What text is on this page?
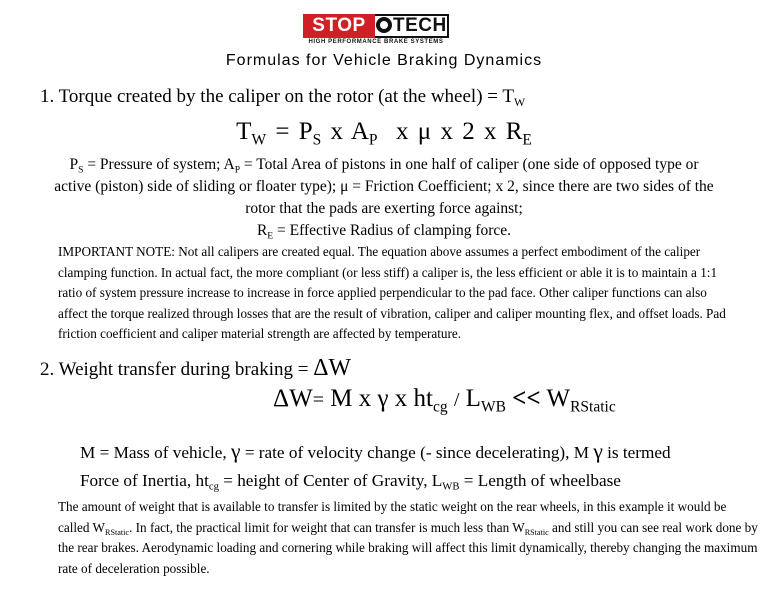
STOP	TECH
HIGH PERFORMANCE BRAKE SYSTEMS
Formulas for Vehicle Braking Dynamics
1. Torque created by the caliper on the rotor (at the wheel) = $T_W$
$T_W = P_S$ x $A_P$ x μ x 2 x $R_E$
$P_S$ = Pressure of system; $A_P$ = Total Area of pistons in one half of caliper (one side of opposed type or active (piston) side of sliding or floater type); μ = Friction Coefficient; x 2, since there are two sides of the rotor that the pads are exerting force against;
$R_E$ = Effective Radius of clamping force.
IMPORTANT NOTE: Not all calipers are created equal. The equation above assumes a perfect embodiment of the caliper clamping function. In actual fact, the more compliant (or less stiff) a caliper is, the less efficient or able it is to maintain a 1:1 ratio of system pressure increase to increase in force applied perpendicular to the pad face. Other caliper functions can also affect the torque realized through losses that are the result of vibration, caliper and caliper mounting flex, and offset loads. Pad friction coefficient and caliper material strength are affected by temperature.
2. Weight transfer during braking = ΔW
ΔW= M x γ x $ht_{cg} / L_{WB} << W_{RStatic}$
M = Mass of vehicle, γ = rate of velocity change (- since decelerating), M γ is termed
Force of Inertia, $ht_{cg}$ = height of Center of Gravity, $L_{WB}$ = Length of wheelbase
The amount of weight that is available to transfer is limited by the static weight on the rear wheels, in this example it would be called $W_{RStatic}$. In fact, the practical limit for weight that can transfer is much less than $W_{RStatic}$ and still you can see real work done by the rear brakes. Aerodynamic loading and cornering while braking will affect this limit dynamically, thereby changing the maximum rate of deceleration possible.
